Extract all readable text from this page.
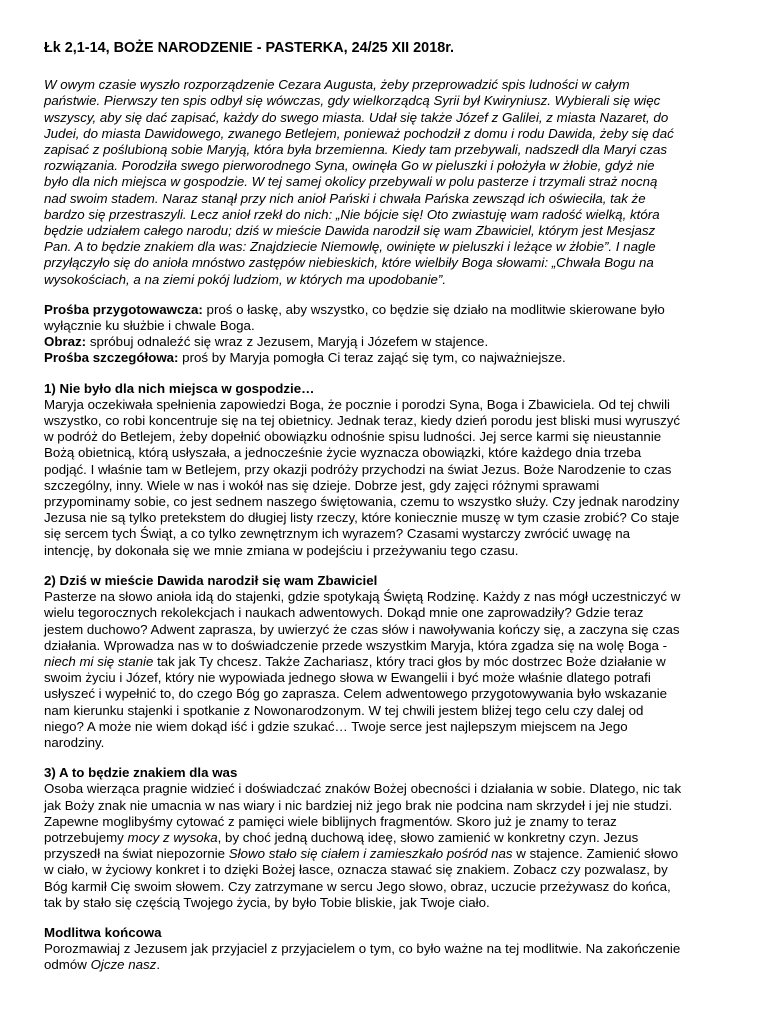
Łk 2,1-14, BOŻE NARODZENIE - PASTERKA, 24/25 XII 2018r.
W owym czasie wyszło rozporządzenie Cezara Augusta, żeby przeprowadzić spis ludności w całym
państwie. Pierwszy ten spis odbył się wówczas, gdy wielkorządcą Syrii był Kwiryniusz. Wybierali się więc
wszyscy, aby się dać zapisać, każdy do swego miasta. Udał się także Józef z Galilei, z miasta Nazaret, do
Judei, do miasta Dawidowego, zwanego Betlejem, ponieważ pochodził z domu i rodu Dawida, żeby się dać
zapisać z poślubioną sobie Maryją, która była brzemienna. Kiedy tam przebywali, nadszedł dla Maryi czas
rozwiązania. Porodziła swego pierworodnego Syna, owinęła Go w pieluszki i położyła w żłobie, gdyż nie
było dla nich miejsca w gospodzie. W tej samej okolicy przebywali w polu pasterze i trzymali straż nocną
nad swoim stadem. Naraz stanął przy nich anioł Pański i chwała Pańska zewsząd ich oświeciła, tak że
bardzo się przestraszyli. Lecz anioł rzekł do nich: „Nie bójcie się! Oto zwiastuję wam radość wielką, która
będzie udziałem całego narodu; dziś w mieście Dawida narodził się wam Zbawiciel, którym jest Mesjasz
Pan. A to będzie znakiem dla was: Znajdziecie Niemowlę, owinięte w pieluszki i leżące w żłobie”. I nagle
przyłączyło się do anioła mnóstwo zastępów niebieskich, które wielbiły Boga słowami: „Chwała Bogu na
wysokościach, a na ziemi pokój ludziom, w których ma upodobanie”.
Prośba przygotowawcza: proś o łaskę, aby wszystko, co będzie się działo na modlitwie skierowane było
wyłącznie ku służbie i chwale Boga.
Obraz: spróbuj odnaleźć się wraz z Jezusem, Maryją i Józefem w stajence.
Prośba szczegółowa: proś by Maryja pomogła Ci teraz zająć się tym, co najważniejsze.
1) Nie było dla nich miejsca w gospodzie…

Maryja oczekiwała spełnienia zapowiedzi Boga, że pocznie i porodzi Syna, Boga i Zbawiciela. Od tej chwili
wszystko, co robi koncentruje się na tej obietnicy. Jednak teraz, kiedy dzień porodu jest bliski musi wyruszyć
w podróż do Betlejem, żeby dopełnić obowiązku odnośnie spisu ludności. Jej serce karmi się nieustannie
Bożą obietnicą, którą usłyszała, a jednocześnie życie wyznacza obowiązki, które każdego dnia trzeba
podjąć. I właśnie tam w Betlejem, przy okazji podróży przychodzi na świat Jezus. Boże Narodzenie to czas
szczególny, inny. Wiele w nas i wokół nas się dzieje. Dobrze jest, gdy zajęci różnymi sprawami
przypominamy sobie, co jest sednem naszego świętowania, czemu to wszystko służy. Czy jednak narodziny
Jezusa nie są tylko pretekstem do długiej listy rzeczy, które koniecznie muszę w tym czasie zrobić? Co staje
się sercem tych Świąt, a co tylko zewnętrznym ich wyrazem? Czasami wystarczy zwrócić uwagę na
intencję, by dokonała się we mnie zmiana w podejściu i przeżywaniu tego czasu.

2) Dziś w mieście Dawida narodził się wam Zbawiciel

Pasterze na słowo anioła idą do stajenki, gdzie spotykają Świętą Rodzinę. Każdy z nas mógł uczestniczyć w
wielu tegorocznych rekolekcjach i naukach adwentowych. Dokąd mnie one zaprowadziły? Gdzie teraz
jestem duchowo? Adwent zaprasza, by uwierzyć że czas słów i nawoływania kończy się, a zaczyna się czas
działania. Wprowadza nas w to doświadczenie przede wszystkim Maryja, która zgadza się na wolę Boga -
niech mi się stanie tak jak Ty chcesz. Także Zachariasz, który traci głos by móc dostrzec Boże działanie w
swoim życiu i Józef, który nie wypowiada jednego słowa w Ewangelii i być może właśnie dlatego potrafi
usłyszeć i wypełnić to, do czego Bóg go zaprasza. Celem adwentowego przygotowywania było wskazanie
nam kierunku stajenki i spotkanie z Nowonarodzonym. W tej chwili jestem bliżej tego celu czy dalej od
niego? A może nie wiem dokąd iść i gdzie szukać… Twoje serce jest najlepszym miejscem na Jego
narodziny.

3) A to będzie znakiem dla was

Osoba wierząca pragnie widzieć i doświadczać znaków Bożej obecności i działania w sobie. Dlatego, nic tak
jak Boży znak nie umacnia w nas wiary i nic bardziej niż jego brak nie podcina nam skrzydeł i jej nie studzi.
Zapewne moglibyśmy cytować z pamięci wiele biblijnych fragmentów. Skoro już je znamy to teraz
potrzebujemy mocy z wysoka, by choć jedną duchową ideę, słowo zamienić w konkretny czyn. Jezus
przyszedł na świat niepozornie Słowo stało się ciałem i zamieszkało pośród nas w stajence. Zamienić słowo
w ciało, w życiowy konkret i to dzięki Bożej łasce, oznacza stawać się znakiem. Zobacz czy pozwalasz, by
Bóg karmił Cię swoim słowem. Czy zatrzymane w sercu Jego słowo, obraz, uczucie przeżywasz do końca,
tak by stało się częścią Twojego życia, by było Tobie bliskie, jak Twoje ciało.

Modlitwa końcowa

Porozmawiaj z Jezusem jak przyjaciel z przyjacielem o tym, co było ważne na tej modlitwie. Na zakończenie
odmów Ojcze nasz.
